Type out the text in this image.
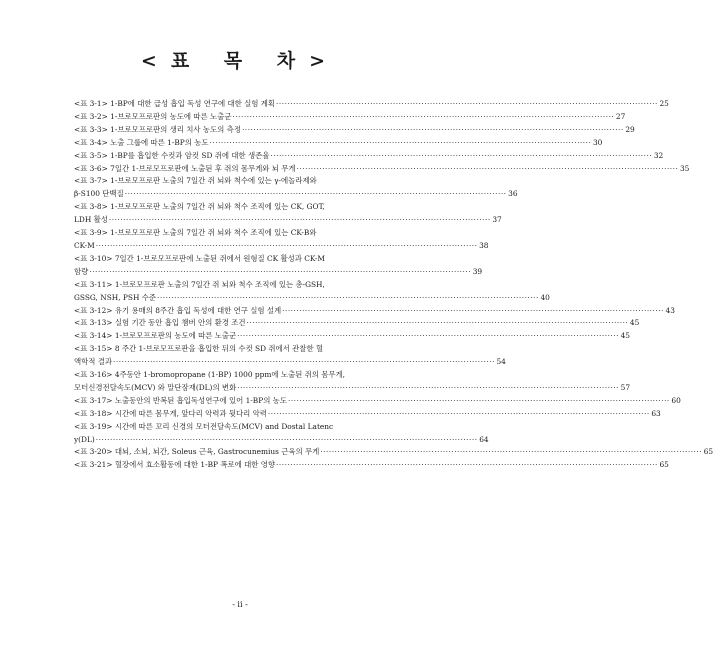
<표 목 차>
<표 3-1> 1-BP에 대한 급성 흡입 독성 연구에 대한 실험 계획 ·····	25
<표 3-2> 1-브로모프로판의 농도에 따른 노출군 ·····	27
<표 3-3> 1-브로모프로판의 생리 치사 농도의 측정 ·····	29
<표 3-4> 노출 그룹에 따른 1-BP의 농도 ·····	30
<표 3-5> 1-BP를 흡입한 수컷과 암컷 SD 쥐에 대한 생존율 ·····	32
<표 3-6> 7일간 1-브로모프로판에 노출된 후 쥐의 몸무게와 뇌 무게 ·····	35
<표 3-7> 1-브로모프로판 노출의 7일간 쥐 뇌와 척수에 있는 γ-에놀라제와
β-S100 단백질 ·····	36
<표 3-8> 1-브로모프로판 노출의 7일간 쥐 뇌와 척수 조직에 있는 CK, GOT,
LDH 활성 ·····	37
<표 3-9> 1-브로모프로판 노출의 7일간 쥐 뇌와 척수 조직에 있는 CK-B와
CK-M ·····	38
<표 3-10> 7일간 1-브로모프로판에 노출된 쥐에서 원형질 CK 활성과 CK-M
함량 ·····	39
<표 3-11> 1-브로모프로판 노출의 7일간 쥐 뇌와 척수 조직에 있는 총-GSH,
GSSG, NSH, PSH 수준 ·····	40
<표 3-12> 유기 용매의 8주간 흡입 독성에 대한 연구 실험 설계 ·····	43
<표 3-13> 실험 기간 동안 흡입 챔버 안의 환경 조건 ·····	45
<표 3-14> 1-브로모프로판의 농도에 따른 노출군 ·····	45
<표 3-15> 8 주간 1-브로모프로판을 흡입한 뒤의 수컷 SD 쥐에서 관찰한 혈
액학적 결과 ·····	54
<표 3-16> 4주동안 1-bromopropane (1-BP) 1000 ppm에 노출된 쥐의 몸무게,
모터신경전달속도(MCV) 와 말단잠재(DL)의 변화 ·····	57
<표 3-17> 노출동안의 반복된 흡입독성연구에 있어 1-BP의 농도 ·····	60
<표 3-18> 시간에 따른 몸무게, 앞다리 악력과 뒷다리 악력 ·····	63
<표 3-19> 시간에 따른 꼬리 신경의 모터전달속도(MCV) and Dostal Latenc
y(DL) ·····	64
<표 3-20> 대뇌, 소뇌, 뇌간, Soleus 근육, Gastrocunemius 근육의 무게 ·····	65
<표 3-21> 혈장에서 효소활동에 대한 1-BP 폭로에 대한 영향 ·····	65
- ii -
